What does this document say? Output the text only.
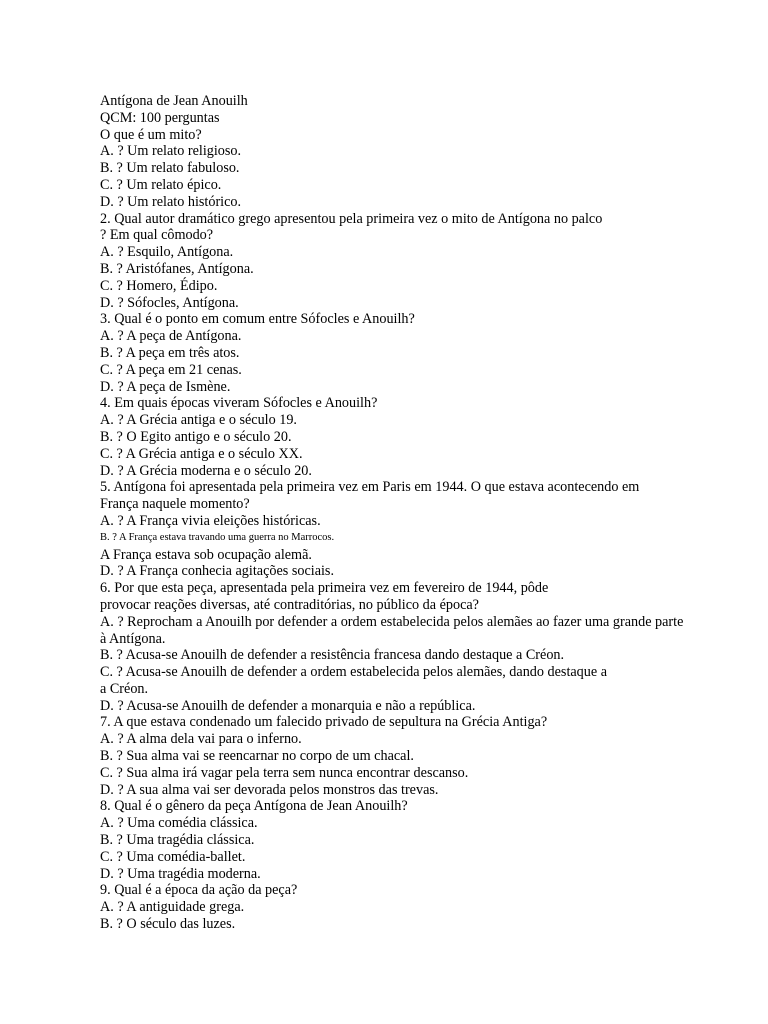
Antígona de Jean Anouilh
QCM: 100 perguntas
O que é um mito?
A. ? Um relato religioso.
B. ? Um relato fabuloso.
C. ? Um relato épico.
D. ? Um relato histórico.
2. Qual autor dramático grego apresentou pela primeira vez o mito de Antígona no palco
? Em qual cômodo?
A. ? Esquilo, Antígona.
B. ? Aristófanes, Antígona.
C. ? Homero, Édipo.
D. ? Sófocles, Antígona.
3. Qual é o ponto em comum entre Sófocles e Anouilh?
A. ? A peça de Antígona.
B. ? A peça em três atos.
C. ? A peça em 21 cenas.
D. ? A peça de Ismène.
4. Em quais épocas viveram Sófocles e Anouilh?
A. ? A Grécia antiga e o século 19.
B. ? O Egito antigo e o século 20.
C. ? A Grécia antiga e o século XX.
D. ? A Grécia moderna e o século 20.
5. Antígona foi apresentada pela primeira vez em Paris em 1944. O que estava acontecendo em
França naquele momento?
A. ? A França vivia eleições históricas.
B. ? A França estava travando uma guerra no Marrocos.
A França estava sob ocupação alemã.
D. ? A França conhecia agitações sociais.
6. Por que esta peça, apresentada pela primeira vez em fevereiro de 1944, pôde
provocar reações diversas, até contraditórias, no público da época?
A. ? Reprocham a Anouilh por defender a ordem estabelecida pelos alemães ao fazer uma grande parte
à Antígona.
B. ? Acusa-se Anouilh de defender a resistência francesa dando destaque a Créon.
C. ? Acusa-se Anouilh de defender a ordem estabelecida pelos alemães, dando destaque a
a Créon.
D. ? Acusa-se Anouilh de defender a monarquia e não a república.
7. A que estava condenado um falecido privado de sepultura na Grécia Antiga?
A. ? A alma dela vai para o inferno.
B. ? Sua alma vai se reencarnar no corpo de um chacal.
C. ? Sua alma irá vagar pela terra sem nunca encontrar descanso.
D. ? A sua alma vai ser devorada pelos monstros das trevas.
8. Qual é o gênero da peça Antígona de Jean Anouilh?
A. ? Uma comédia clássica.
B. ? Uma tragédia clássica.
C. ? Uma comédia-ballet.
D. ? Uma tragédia moderna.
9. Qual é a época da ação da peça?
A. ? A antiguidade grega.
B. ? O século das luzes.
